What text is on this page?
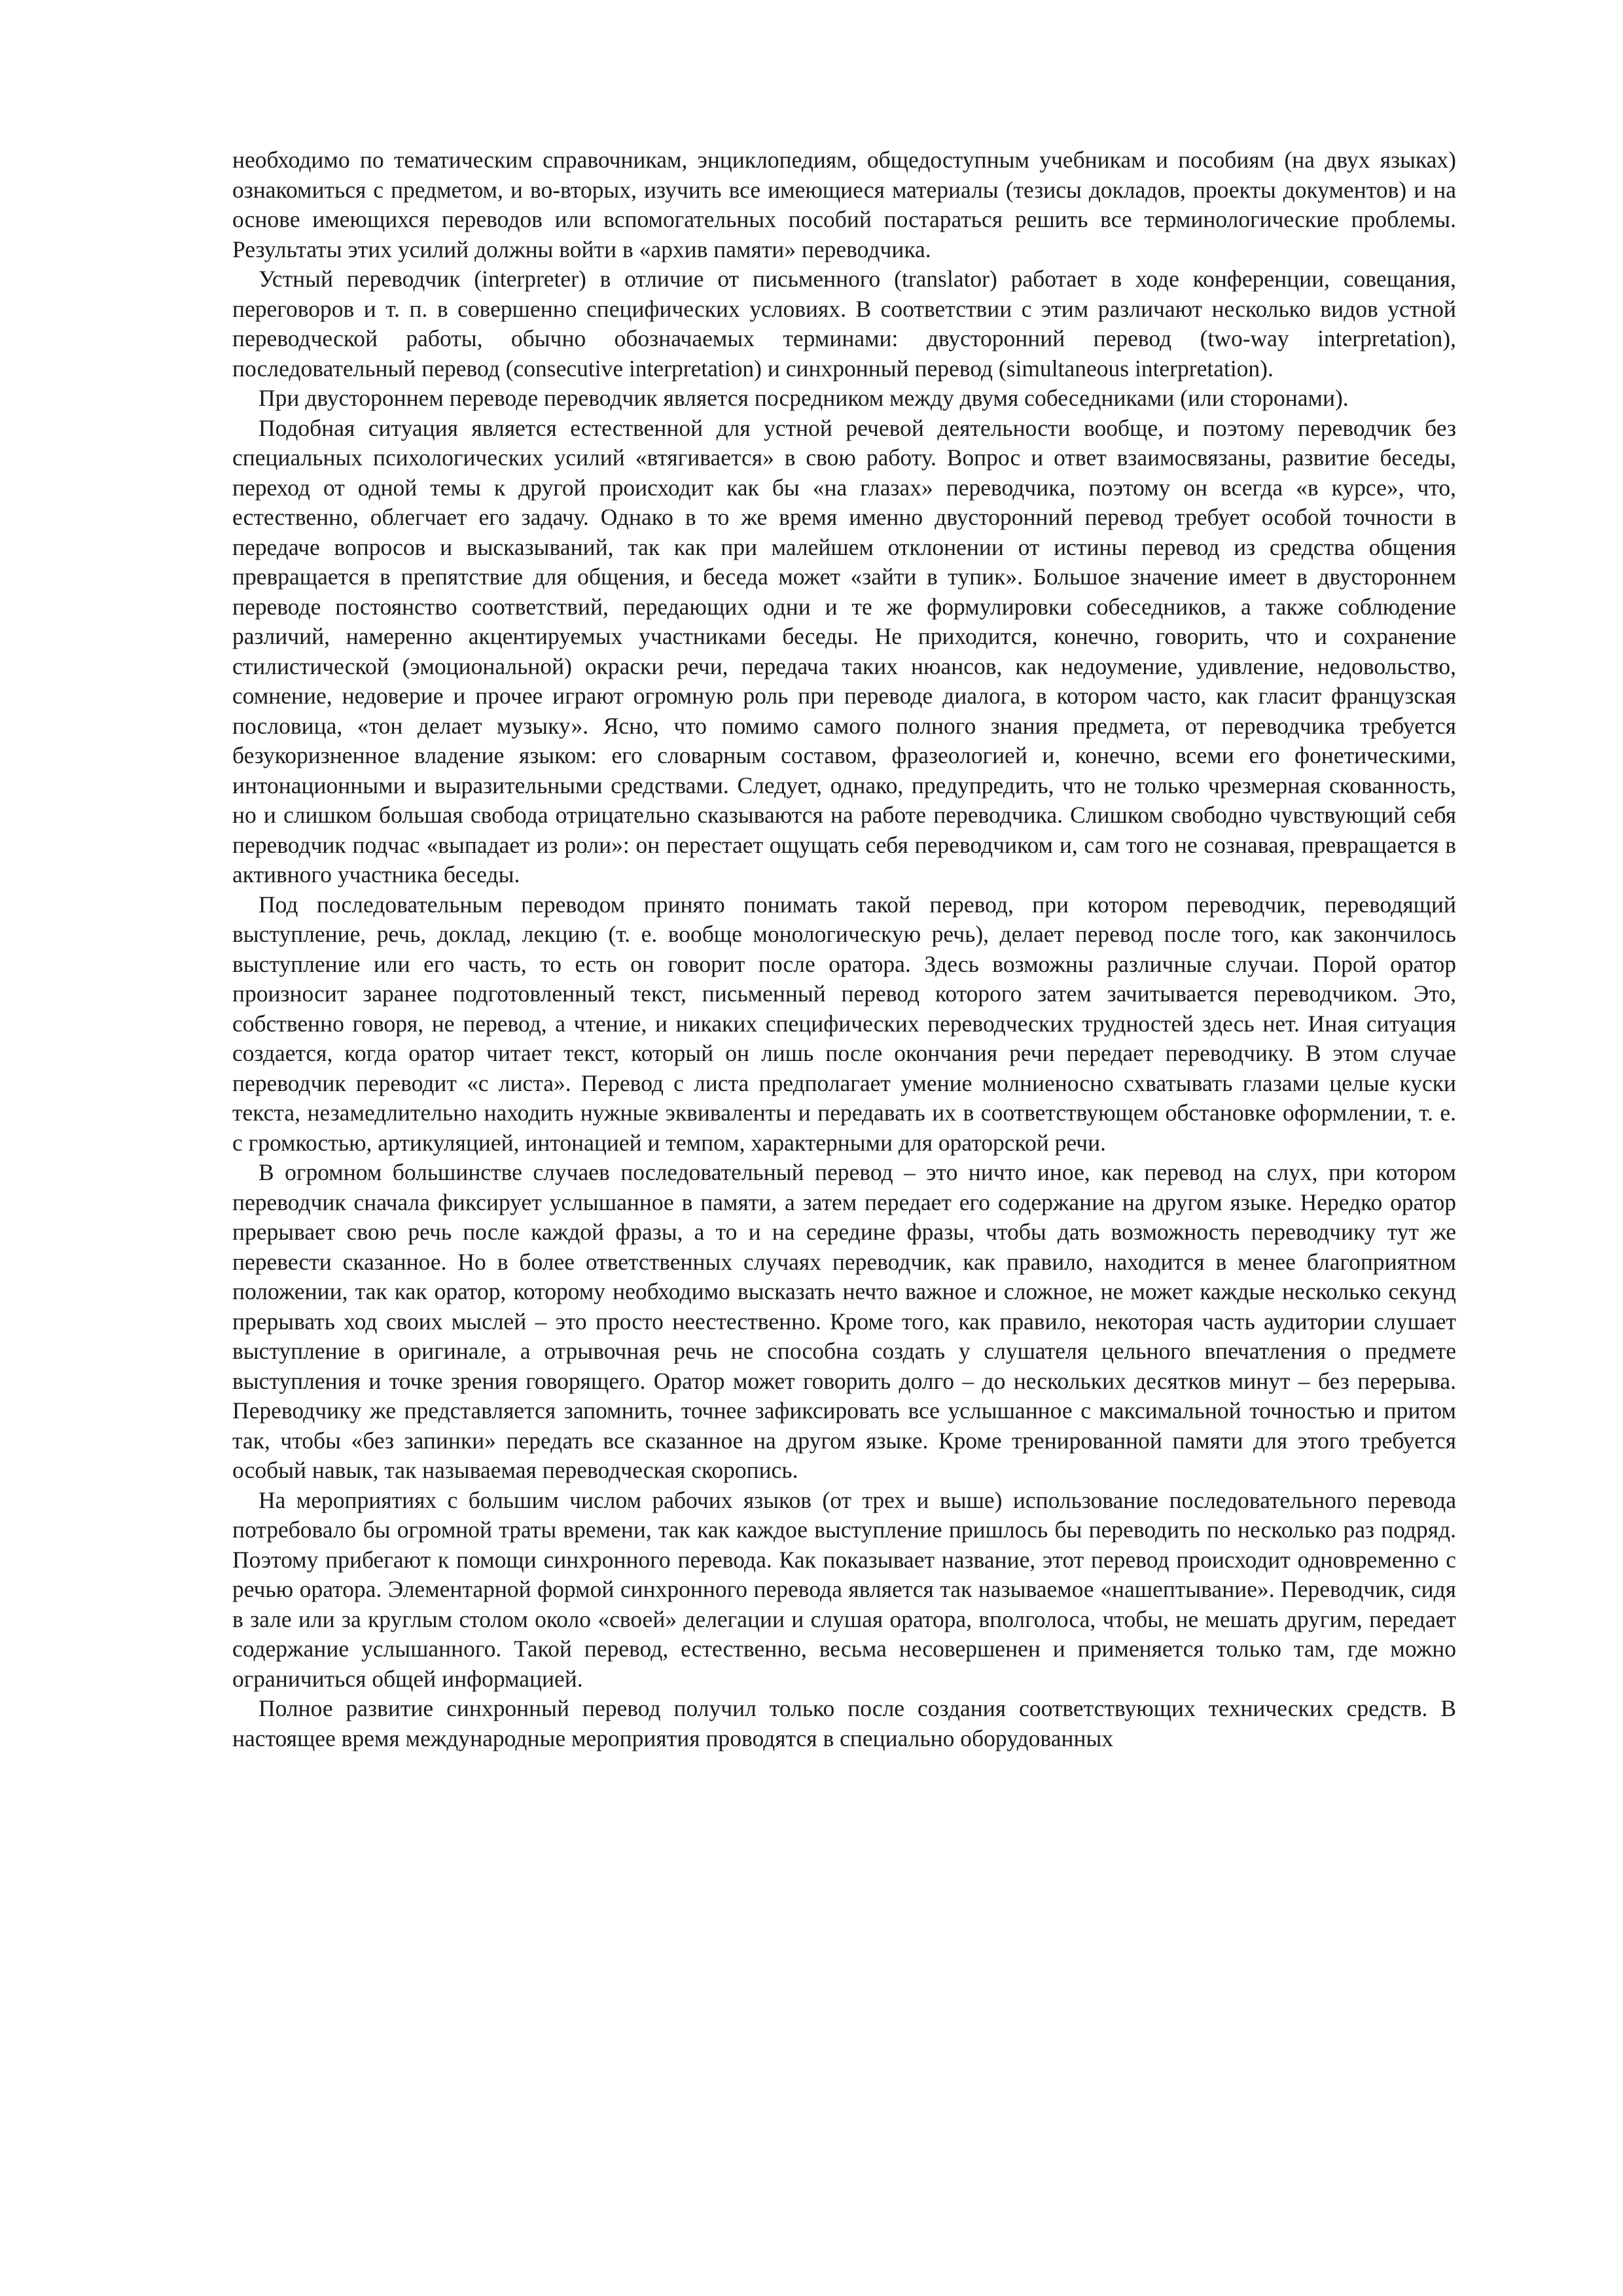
необходимо по тематическим справочникам, энциклопедиям, общедоступным учебникам и пособиям (на двух языках) ознакомиться с предметом, и во-вторых, изучить все имеющиеся материалы (тезисы докладов, проекты документов) и на основе имеющихся переводов или вспомогательных пособий постараться решить все терминологические проблемы. Результаты этих усилий должны войти в «архив памяти» переводчика.

Устный переводчик (interpreter) в отличие от письменного (translator) работает в ходе конференции, совещания, переговоров и т. п. в совершенно специфических условиях. В соответствии с этим различают несколько видов устной переводческой работы, обычно обозначаемых терминами: двусторонний перевод (two-way interpretation), последовательный перевод (consecutive interpretation) и синхронный перевод (simultaneous interpretation).

При двустороннем переводе переводчик является посредником между двумя собеседниками (или сторонами).

Подобная ситуация является естественной для устной речевой деятельности вообще, и поэтому переводчик без специальных психологических усилий «втягивается» в свою работу. Вопрос и ответ взаимосвязаны, развитие беседы, переход от одной темы к другой происходит как бы «на глазах» переводчика, поэтому он всегда «в курсе», что, естественно, облегчает его задачу. Однако в то же время именно двусторонний перевод требует особой точности в передаче вопросов и высказываний, так как при малейшем отклонении от истины перевод из средства общения превращается в препятствие для общения, и беседа может «зайти в тупик». Большое значение имеет в двустороннем переводе постоянство соответствий, передающих одни и те же формулировки собеседников, а также соблюдение различий, намеренно акцентируемых участниками беседы. Не приходится, конечно, говорить, что и сохранение стилистической (эмоциональной) окраски речи, передача таких нюансов, как недоумение, удивление, недовольство, сомнение, недоверие и прочее играют огромную роль при переводе диалога, в котором часто, как гласит французская пословица, «тон делает музыку». Ясно, что помимо самого полного знания предмета, от переводчика требуется безукоризненное владение языком: его словарным составом, фразеологией и, конечно, всеми его фонетическими, интонационными и выразительными средствами. Следует, однако, предупредить, что не только чрезмерная скованность, но и слишком большая свобода отрицательно сказываются на работе переводчика. Слишком свободно чувствующий себя переводчик подчас «выпадает из роли»: он перестает ощущать себя переводчиком и, сам того не сознавая, превращается в активного участника беседы.

Под последовательным переводом принято понимать такой перевод, при котором переводчик, переводящий выступление, речь, доклад, лекцию (т. е. вообще монологическую речь), делает перевод после того, как закончилось выступление или его часть, то есть он говорит после оратора. Здесь возможны различные случаи. Порой оратор произносит заранее подготовленный текст, письменный перевод которого затем зачитывается переводчиком. Это, собственно говоря, не перевод, а чтение, и никаких специфических переводческих трудностей здесь нет. Иная ситуация создается, когда оратор читает текст, который он лишь после окончания речи передает переводчику. В этом случае переводчик переводит «с листа». Перевод с листа предполагает умение молниеносно схватывать глазами целые куски текста, незамедлительно находить нужные эквиваленты и передавать их в соответствующем обстановке оформлении, т. е. с громкостью, артикуляцией, интонацией и темпом, характерными для ораторской речи.

В огромном большинстве случаев последовательный перевод – это ничто иное, как перевод на слух, при котором переводчик сначала фиксирует услышанное в памяти, а затем передает его содержание на другом языке. Нередко оратор прерывает свою речь после каждой фразы, а то и на середине фразы, чтобы дать возможность переводчику тут же перевести сказанное. Но в более ответственных случаях переводчик, как правило, находится в менее благоприятном положении, так как оратор, которому необходимо высказать нечто важное и сложное, не может каждые несколько секунд прерывать ход своих мыслей – это просто неестественно. Кроме того, как правило, некоторая часть аудитории слушает выступление в оригинале, а отрывочная речь не способна создать у слушателя цельного впечатления о предмете выступления и точке зрения говорящего. Оратор может говорить долго – до нескольких десятков минут – без перерыва. Переводчику же представляется запомнить, точнее зафиксировать все услышанное с максимальной точностью и притом так, чтобы «без запинки» передать все сказанное на другом языке. Кроме тренированной памяти для этого требуется особый навык, так называемая переводческая скоропись.

На мероприятиях с большим числом рабочих языков (от трех и выше) использование последовательного перевода потребовало бы огромной траты времени, так как каждое выступление пришлось бы переводить по несколько раз подряд. Поэтому прибегают к помощи синхронного перевода. Как показывает название, этот перевод происходит одновременно с речью оратора. Элементарной формой синхронного перевода является так называемое «нашептывание». Переводчик, сидя в зале или за круглым столом около «своей» делегации и слушая оратора, вполголоса, чтобы, не мешать другим, передает содержание услышанного. Такой перевод, естественно, весьма несовершенен и применяется только там, где можно ограничиться общей информацией.

Полное развитие синхронный перевод получил только после создания соответствующих технических средств. В настоящее время международные мероприятия проводятся в специально оборудованных
